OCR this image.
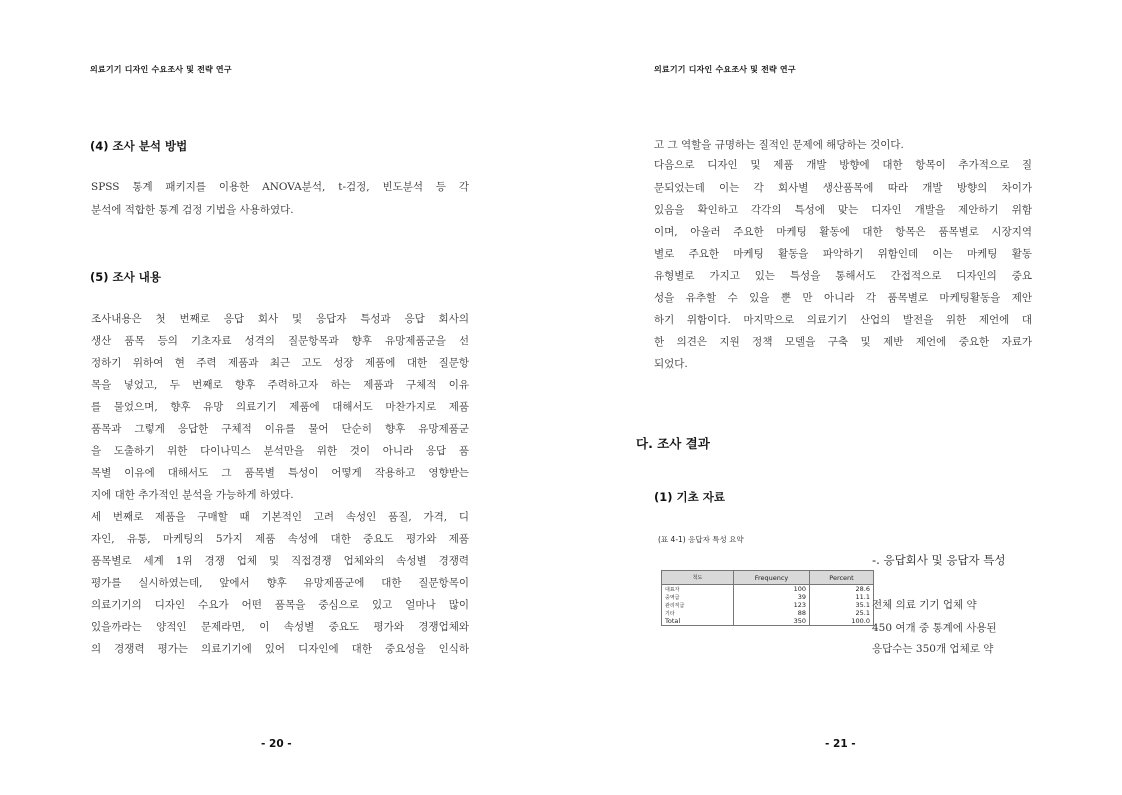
의료기기 디자인 수요조사 및 전략 연구
(4) 조사 분석 방법
SPSS 통계 패키지를 이용한 ANOVA분석, t-검정, 빈도분석 등 각
분석에 적합한 통계 검정 기법을 사용하였다.
(5) 조사 내용
조사내용은 첫 번째로 응답 회사 및 응답자 특성과 응답 회사의
생산 품목 등의 기초자료 성격의 질문항목과 향후 유망제품군을 선
정하기 위하여 현 주력 제품과 최근 고도 성장 제품에 대한 질문항
목을 넣었고, 두 번째로 향후 주력하고자 하는 제품과 구체적 이유
를 물었으며, 향후 유망 의료기기 제품에 대해서도 마찬가지로 제품
품목과 그렇게 응답한 구체적 이유를 물어 단순히 향후 유망제품군
을 도출하기 위한 다이나믹스 분석만을 위한 것이 아니라 응답 품
목별 이유에 대해서도 그 품목별 특성이 어떻게 작용하고 영향받는
지에 대한 추가적인 분석을 가능하게 하였다.
세 번째로 제품을 구매할 때 기본적인 고려 속성인 품질, 가격, 디
자인, 유통, 마케팅의 5가지 제품 속성에 대한 중요도 평가와 제품
품목별로 세계 1위 경쟁 업체 및 직접경쟁 업체와의 속성별 경쟁력
평가를 실시하였는데, 앞에서 향후 유망제품군에 대한 질문항목이
의료기기의 디자인 수요가 어떤 품목을 중심으로 있고 얼마나 많이
있을까라는 양적인 문제라면, 이 속성별 중요도 평가와 경쟁업체와
의 경쟁력 평가는 의료기기에 있어 디자인에 대한 중요성을 인식하
- 20 -
의료기기 디자인 수요조사 및 전략 연구
고 그 역할을 규명하는 질적인 문제에 해당하는 것이다.
다음으로 디자인 및 제품 개발 방향에 대한 항목이 추가적으로 질
문되었는데 이는 각 회사별 생산품목에 따라 개발 방향의 차이가
있음을 확인하고 각각의 특성에 맞는 디자인 개발을 제안하기 위함
이며, 아울러 주요한 마케팅 활동에 대한 항목은 품목별로 시장지역
별로 주요한 마케팅 활동을 파악하기 위함인데 이는 마케팅 활동
유형별로 가지고 있는 특성을 통해서도 간접적으로 디자인의 중요
성을 유추할 수 있을 뿐 만 아니라 각 품목별로 마케팅활동을 제안
하기 위함이다. 마지막으로 의료기기 산업의 발전을 위한 제언에 대
한 의견은 지원 정책 모델을 구축 및 제반 제언에 중요한 자료가
되었다.
다. 조사 결과
(1) 기초 자료
(표 4-1) 응답자 특성 요약
척도	Frequency	Percent
대표자	100	28.6
중역급	39	11.1
관리직급	123	35.1
기타	88	25.1
Total	350	100.0
-. 응답회사 및 응답자 특성
전체 의료 기기 업체 약
450 여개 중 통계에 사용된
응답수는 350개 업체로 약
- 21 -
